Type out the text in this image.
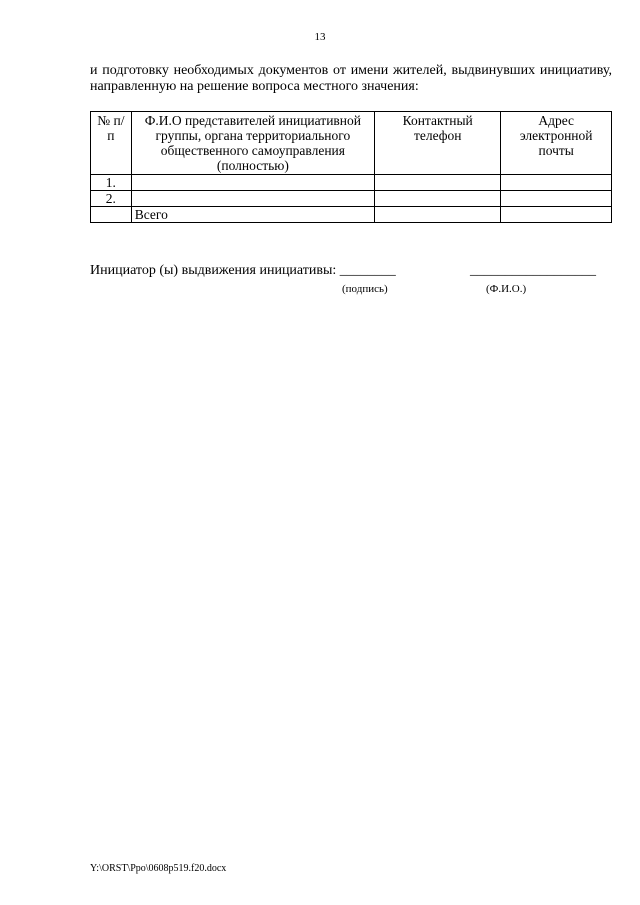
13
и подготовку необходимых документов от имени жителей, выдвинувших инициативу, направленную на решение вопроса местного значения:
№ п/п	Ф.И.О представителей инициативной группы, органа территориального общественного самоуправления (полностью)	Контактный телефон	Адрес электронной почты
1.			
2.			
	Всего		
Инициатор (ы) выдвижения инициативы: ________	__________________
(подпись)	(Ф.И.О.)
Y:\ORST\Ppo\0608p519.f20.docx
